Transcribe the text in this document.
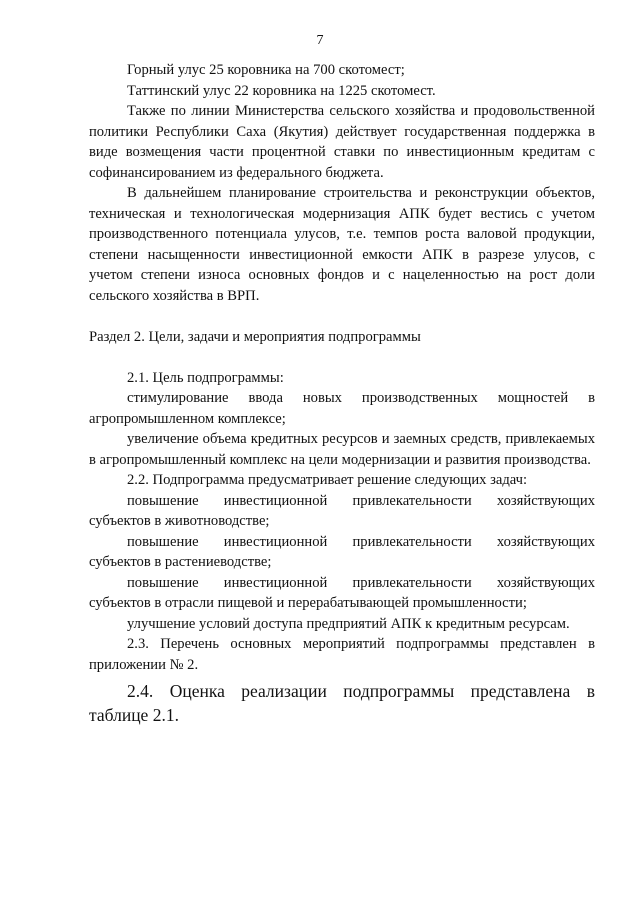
7

Горный улус 25 коровника на 700 скотомест;

Таттинский улус 22 коровника на 1225 скотомест.

Также по линии Министерства сельского хозяйства и продовольственной политики Республики Саха (Якутия) действует государственная поддержка в виде возмещения части процентной ставки по инвестиционным кредитам с софинансированием из федерального бюджета.

В дальнейшем планирование строительства и реконструкции объектов, техническая и технологическая модернизация АПК будет вестись с учетом производственного потенциала улусов, т.е. темпов роста валовой продукции, степени насыщенности инвестиционной емкости АПК в разрезе улусов, с учетом степени износа основных фондов и с нацеленностью на рост доли сельского хозяйства в ВРП.

Раздел 2. Цели, задачи и мероприятия подпрограммы

2.1. Цель подпрограммы:

стимулирование ввода новых производственных мощностей в агропромышленном комплексе;

увеличение объема кредитных ресурсов и заемных средств, привлекаемых в агропромышленный комплекс на цели модернизации и развития производства.

2.2. Подпрограмма предусматривает решение следующих задач:

повышение инвестиционной привлекательности хозяйствующих субъектов в животноводстве;

повышение инвестиционной привлекательности хозяйствующих субъектов в растениеводстве;

повышение инвестиционной привлекательности хозяйствующих субъектов в отрасли пищевой и перерабатывающей промышленности;

улучшение условий доступа предприятий АПК к кредитным ресурсам.

2.3. Перечень основных мероприятий подпрограммы представлен в приложении № 2.

2.4. Оценка реализации подпрограммы представлена в таблице 2.1.
